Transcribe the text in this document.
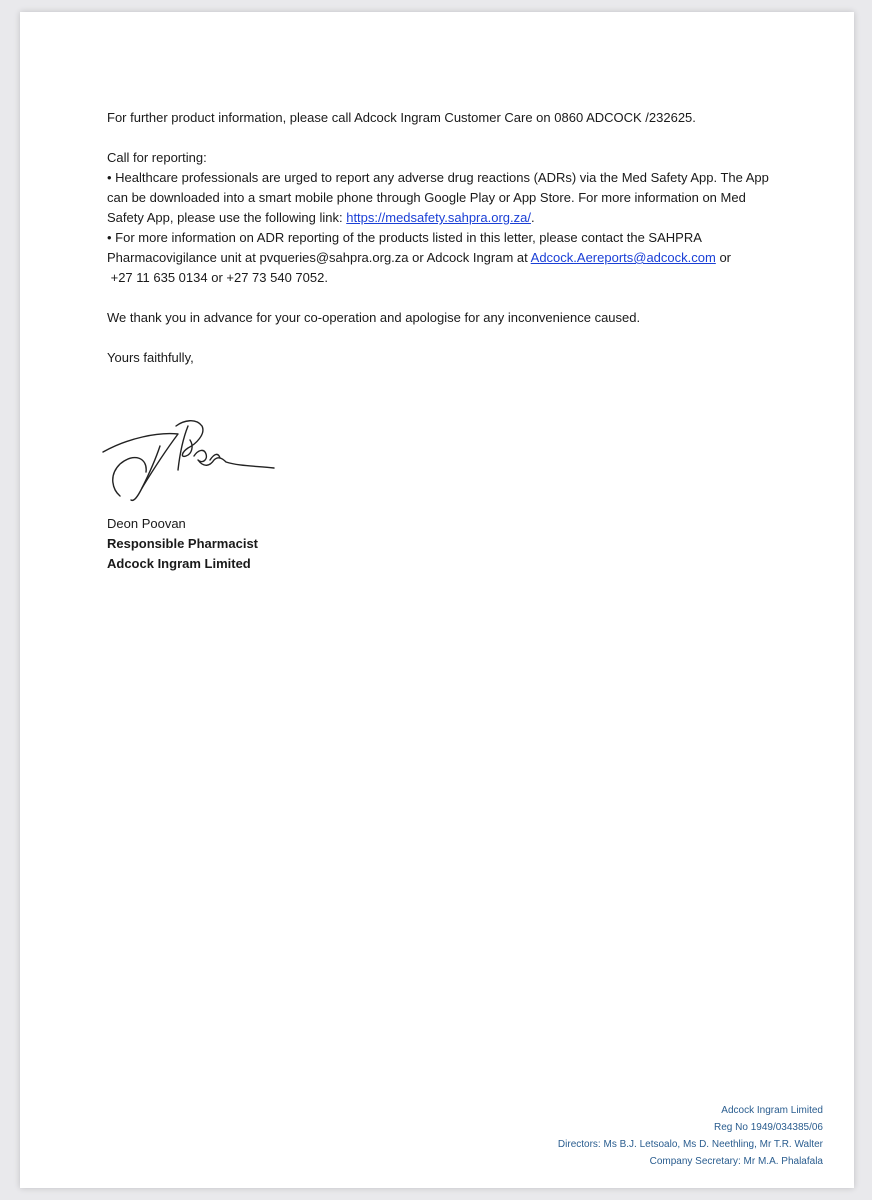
For further product information, please call Adcock Ingram Customer Care on 0860 ADCOCK /232625.
Call for reporting:
• Healthcare professionals are urged to report any adverse drug reactions (ADRs) via the Med Safety App. The App
can be downloaded into a smart mobile phone through Google Play or App Store. For more information on Med
Safety App, please use the following link: https://medsafety.sahpra.org.za/.
• For more information on ADR reporting of the products listed in this letter, please contact the SAHPRA
Pharmacovigilance unit at pvqueries@sahpra.org.za or Adcock Ingram at Adcock.Aereports@adcock.com or
+27 11 635 0134 or +27 73 540 7052.
We thank you in advance for your co-operation and apologise for any inconvenience caused.
Yours faithfully,
Deon Poovan
Responsible Pharmacist
Adcock Ingram Limited
Adcock Ingram Limited
Reg No 1949/034385/06
Directors: Ms B.J. Letsoalo, Ms D. Neethling, Mr T.R. Walter
Company Secretary: Mr M.A. Phalafala
